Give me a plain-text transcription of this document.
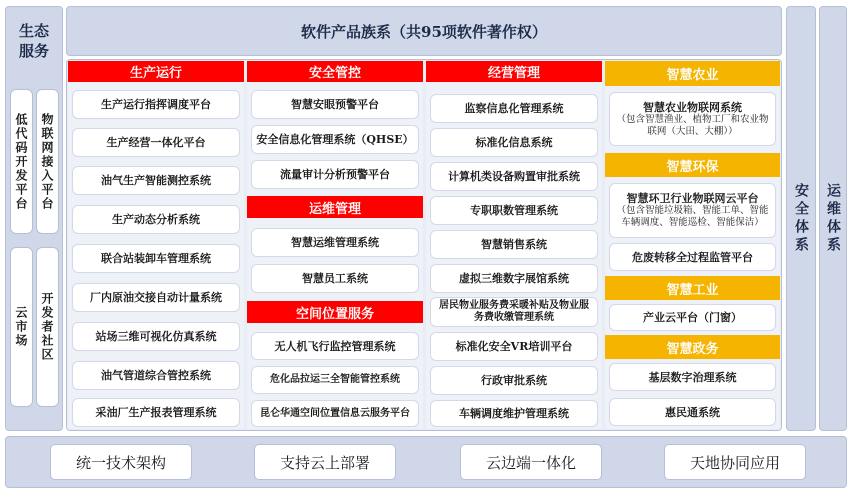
生态服务
低代码开发平台	物联网接入平台
云市场	开发者社区
软件产品族系（共95项软件著作权）
安全体系 运维体系
生产运行
生产运行指挥调度平台
生产经营一体化平台
油气生产智能测控系统
生产动态分析系统
联合站装卸车管理系统
厂内原油交接自动计量系统
站场三维可视化仿真系统
油气管道综合管控系统
采油厂生产报表管理系统
安全管控
智慧安眼预警平台
安全信息化管理系统（QHSE）
流量审计分析预警平台
运维管理
智慧运维管理系统
智慧员工系统
空间位置服务
无人机飞行监控管理系统
危化品拉运三全智能管控系统
昆仑华通空间位置信息云服务平台
经营管理
监察信息化管理系统
标准化信息系统
计算机类设备购置审批系统
专职职数管理系统
智慧销售系统
虚拟三维数字展馆系统
居民物业服务费采暖补贴及物业服务费收缴管理系统
标准化安全VR培训平台
行政审批系统
车辆调度维护管理系统
智慧农业
智慧农业物联网系统
（包含智慧渔业、植物工厂和农业物联网（大田、大棚））
智慧环保
智慧环卫行业物联网云平台
（包含智能垃圾箱、智能工单、智能车辆调度、智能巡检、智能保洁）
危废转移全过程监管平台
智慧工业
产业云平台（门窗）
智慧政务
基层数字治理系统
惠民通系统
统一技术架构	支持云上部署	云边端一体化	天地协同应用
